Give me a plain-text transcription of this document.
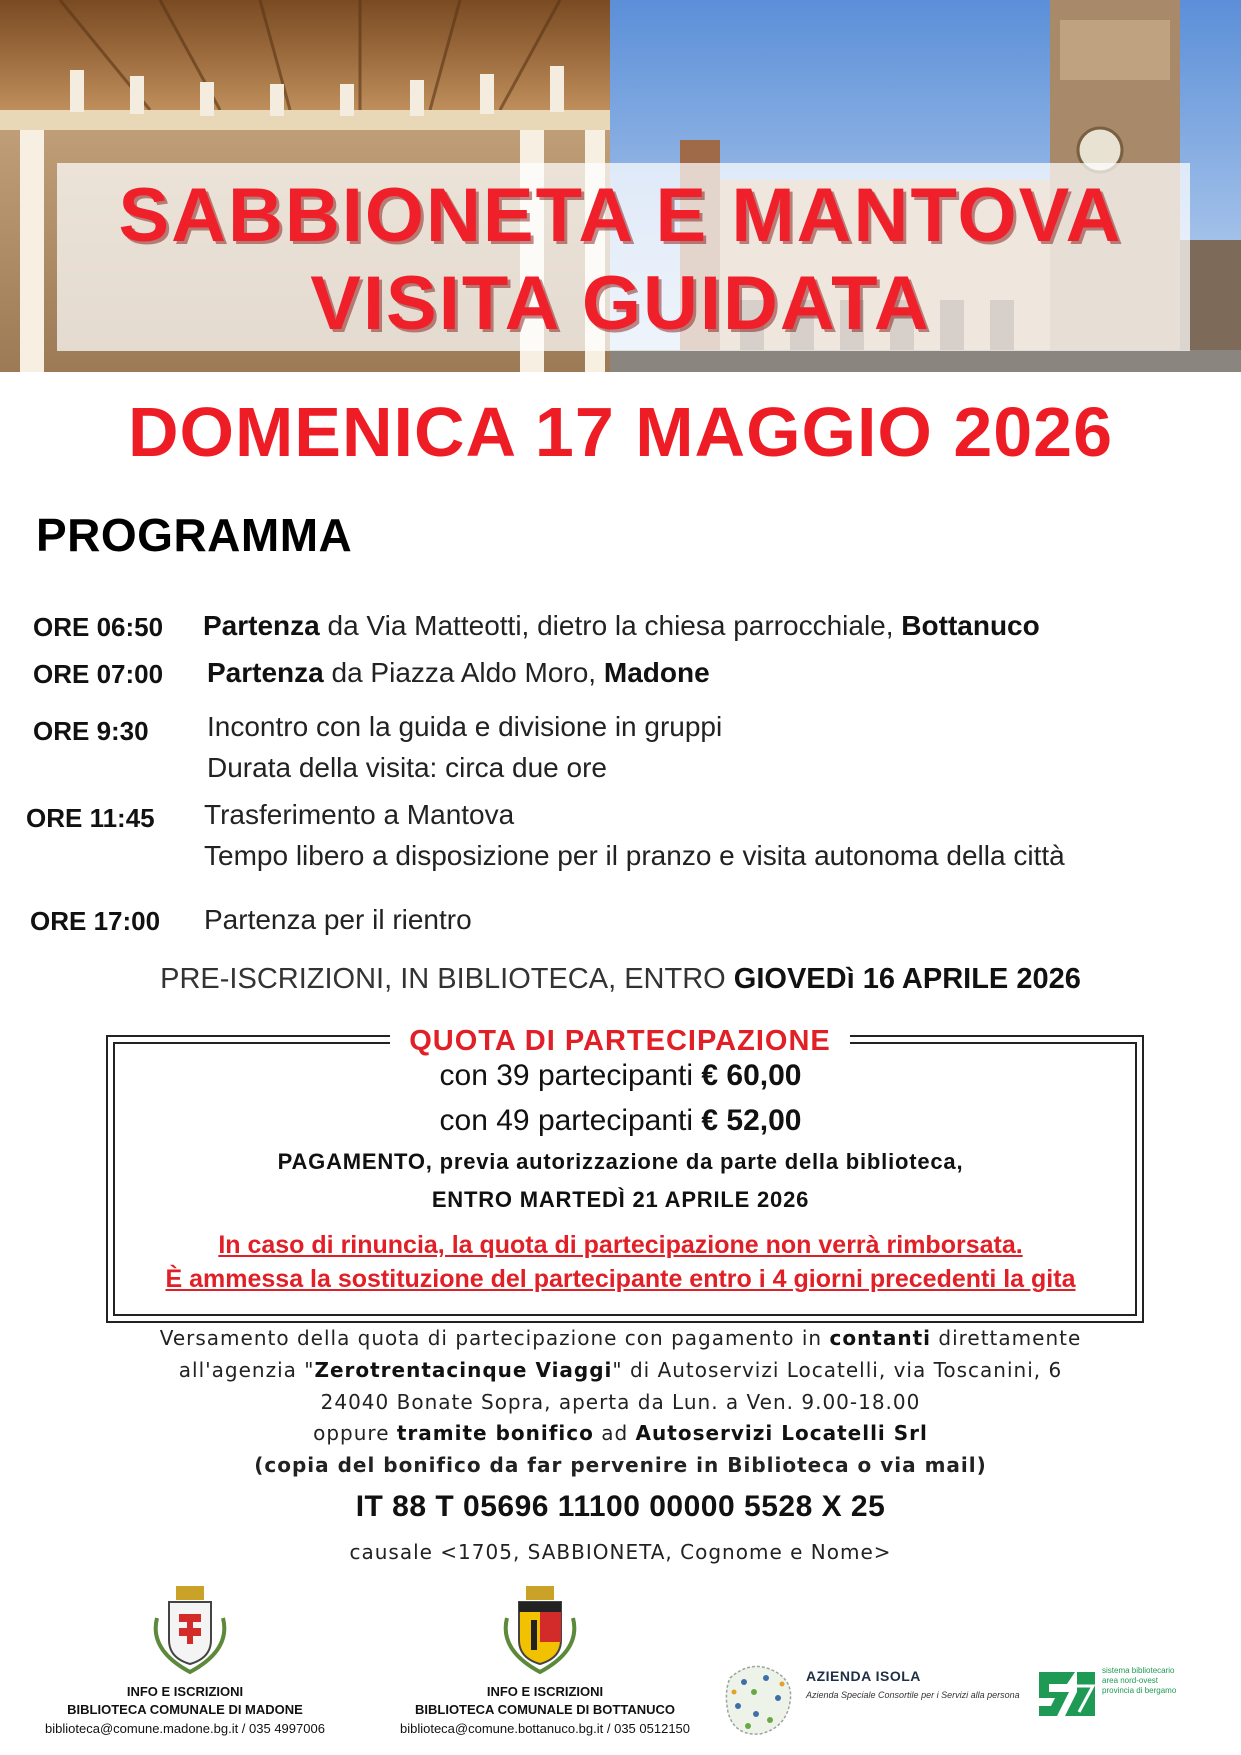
SABBIONETA E MANTOVA
VISITA GUIDATA
DOMENICA 17 MAGGIO 2026
PROGRAMMA
ORE 06:50 Partenza da Via Matteotti, dietro la chiesa parrocchiale, Bottanuco
ORE 07:00 Partenza da Piazza Aldo Moro, Madone
ORE 9:30 Incontro con la guida e divisione in gruppi
Durata della visita: circa due ore
ORE 11:45 Trasferimento a Mantova
Tempo libero a disposizione per il pranzo e visita autonoma della città
ORE 17:00 Partenza per il rientro
PRE-ISCRIZIONI, IN BIBLIOTECA, ENTRO GIOVEDì 16 APRILE 2026
QUOTA DI PARTECIPAZIONE
con 39 partecipanti € 60,00
con 49 partecipanti € 52,00
PAGAMENTO, previa autorizzazione da parte della biblioteca,
ENTRO MARTEDÌ 21 APRILE 2026
In caso di rinuncia, la quota di partecipazione non verrà rimborsata.
È ammessa la sostituzione del partecipante entro i 4 giorni precedenti la gita
Versamento della quota di partecipazione con pagamento in contanti direttamente
all'agenzia "Zerotrentacinque Viaggi" di Autoservizi Locatelli, via Toscanini, 6
24040 Bonate Sopra, aperta da Lun. a Ven. 9.00-18.00
oppure tramite bonifico ad Autoservizi Locatelli Srl
(copia del bonifico da far pervenire in Biblioteca o via mail)
IT 88 T 05696 11100 00000 5528 X 25
causale <1705, SABBIONETA, Cognome e Nome>
INFO E ISCRIZIONI
BIBLIOTECA COMUNALE DI MADONE
biblioteca@comune.madone.bg.it / 035 4997006
INFO E ISCRIZIONI
BIBLIOTECA COMUNALE DI BOTTANUCO
biblioteca@comune.bottanuco.bg.it / 035 0512150
AZIENDA ISOLA
Azienda Speciale Consortile per i Servizi alla persona
sistema bibliotecario
area nord-ovest
provincia di bergamo
